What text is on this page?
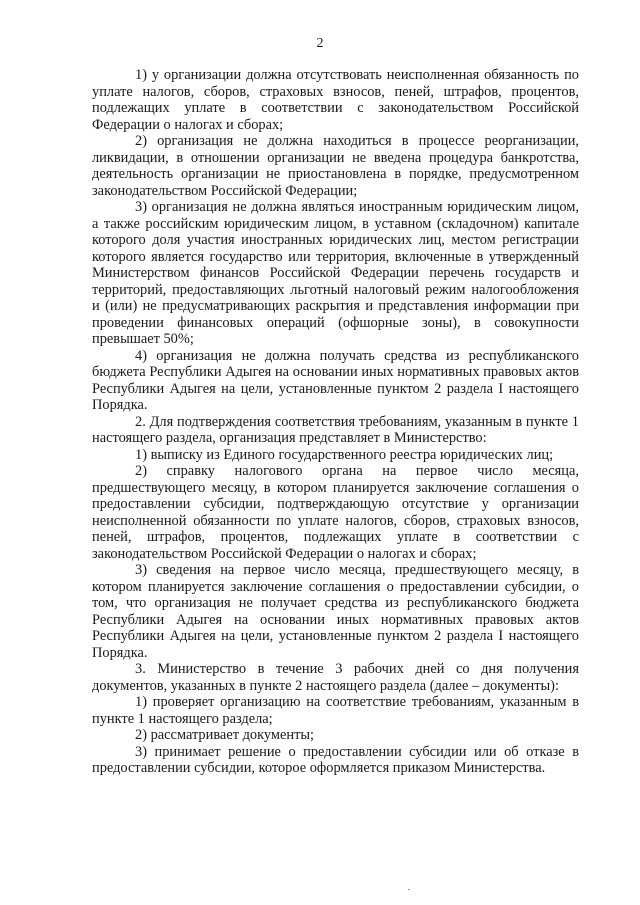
2

1) у организации должна отсутствовать неисполненная обязанность по уплате налогов, сборов, страховых взносов, пеней, штрафов, процентов, подлежащих уплате в соответствии с законодательством Российской Федерации о налогах и сборах;

2) организация не должна находиться в процессе реорганизации, ликвидации, в отношении организации не введена процедура банкротства, деятельность организации не приостановлена в порядке, предусмотренном законодательством Российской Федерации;

3) организация не должна являться иностранным юридическим лицом, а также российским юридическим лицом, в уставном (складочном) капитале которого доля участия иностранных юридических лиц, местом регистрации которого является государство или территория, включенные в утвержденный Министерством финансов Российской Федерации перечень государств и территорий, предоставляющих льготный налоговый режим налогообложения и (или) не предусматривающих раскрытия и представления информации при проведении финансовых операций (офшорные зоны), в совокупности превышает 50%;

4) организация не должна получать средства из республиканского бюджета Республики Адыгея на основании иных нормативных правовых актов Республики Адыгея на цели, установленные пунктом 2 раздела I настоящего Порядка.

2. Для подтверждения соответствия требованиям, указанным в пункте 1 настоящего раздела, организация представляет в Министерство:

1) выписку из Единого государственного реестра юридических лиц;

2) справку налогового органа на первое число месяца, предшествующего месяцу, в котором планируется заключение соглашения о предоставлении субсидии, подтверждающую отсутствие у организации неисполненной обязанности по уплате налогов, сборов, страховых взносов, пеней, штрафов, процентов, подлежащих уплате в соответствии с законодательством Российской Федерации о налогах и сборах;

3) сведения на первое число месяца, предшествующего месяцу, в котором планируется заключение соглашения о предоставлении субсидии, о том, что организация не получает средства из республиканского бюджета Республики Адыгея на основании иных нормативных правовых актов Республики Адыгея на цели, установленные пунктом 2 раздела I настоящего Порядка.

3. Министерство в течение 3 рабочих дней со дня получения документов, указанных в пункте 2 настоящего раздела (далее – документы):

1) проверяет организацию на соответствие требованиям, указанным в пункте 1 настоящего раздела;

2) рассматривает документы;

3) принимает решение о предоставлении субсидии или об отказе в предоставлении субсидии, которое оформляется приказом Министерства.
